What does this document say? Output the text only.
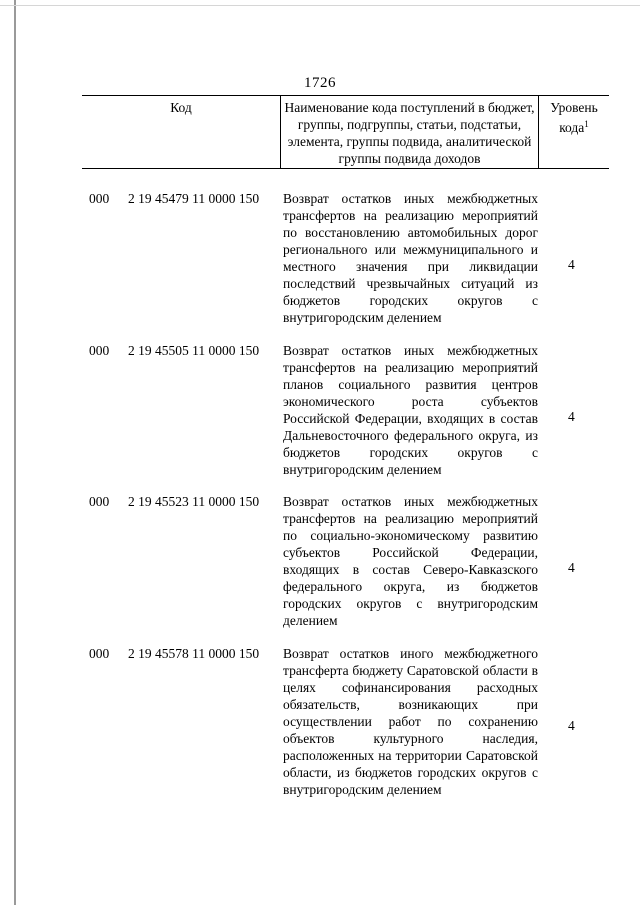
1726
Код	Наименование кода поступлений в бюджет, группы, подгруппы, статьи, подстатьи, элемента, группы подвида, аналитической группы подвида доходов
Уровень кода$^1$
000 2 19 45479 11 0000 150 Возврат остатков иных межбюджетных трансфертов на реализацию мероприятий по восстановлению автомобильных дорог регионального или межмуниципального и местного значения при ликвидации последствий чрезвычайных ситуаций из бюджетов городских округов с внутригородским делением
4
000 2 19 45505 11 0000 150 Возврат остатков иных межбюджетных трансфертов на реализацию мероприятий планов социального развития центров экономического роста субъектов Российской Федерации, входящих в состав Дальневосточного федерального округа, из бюджетов городских округов с внутригородским делением
4
000 2 19 45523 11 0000 150 Возврат остатков иных межбюджетных трансфертов на реализацию мероприятий по социально-экономическому развитию субъектов Российской Федерации, входящих в состав Северо-Кавказского федерального округа, из бюджетов городских округов с внутригородским делением
4
000 2 19 45578 11 0000 150 Возврат остатков иного межбюджетного трансферта бюджету Саратовской области в целях софинансирования расходных обязательств, возникающих при осуществлении работ по сохранению объектов культурного наследия, расположенных на территории Саратовской области, из бюджетов городских округов с внутригородским делением
4
